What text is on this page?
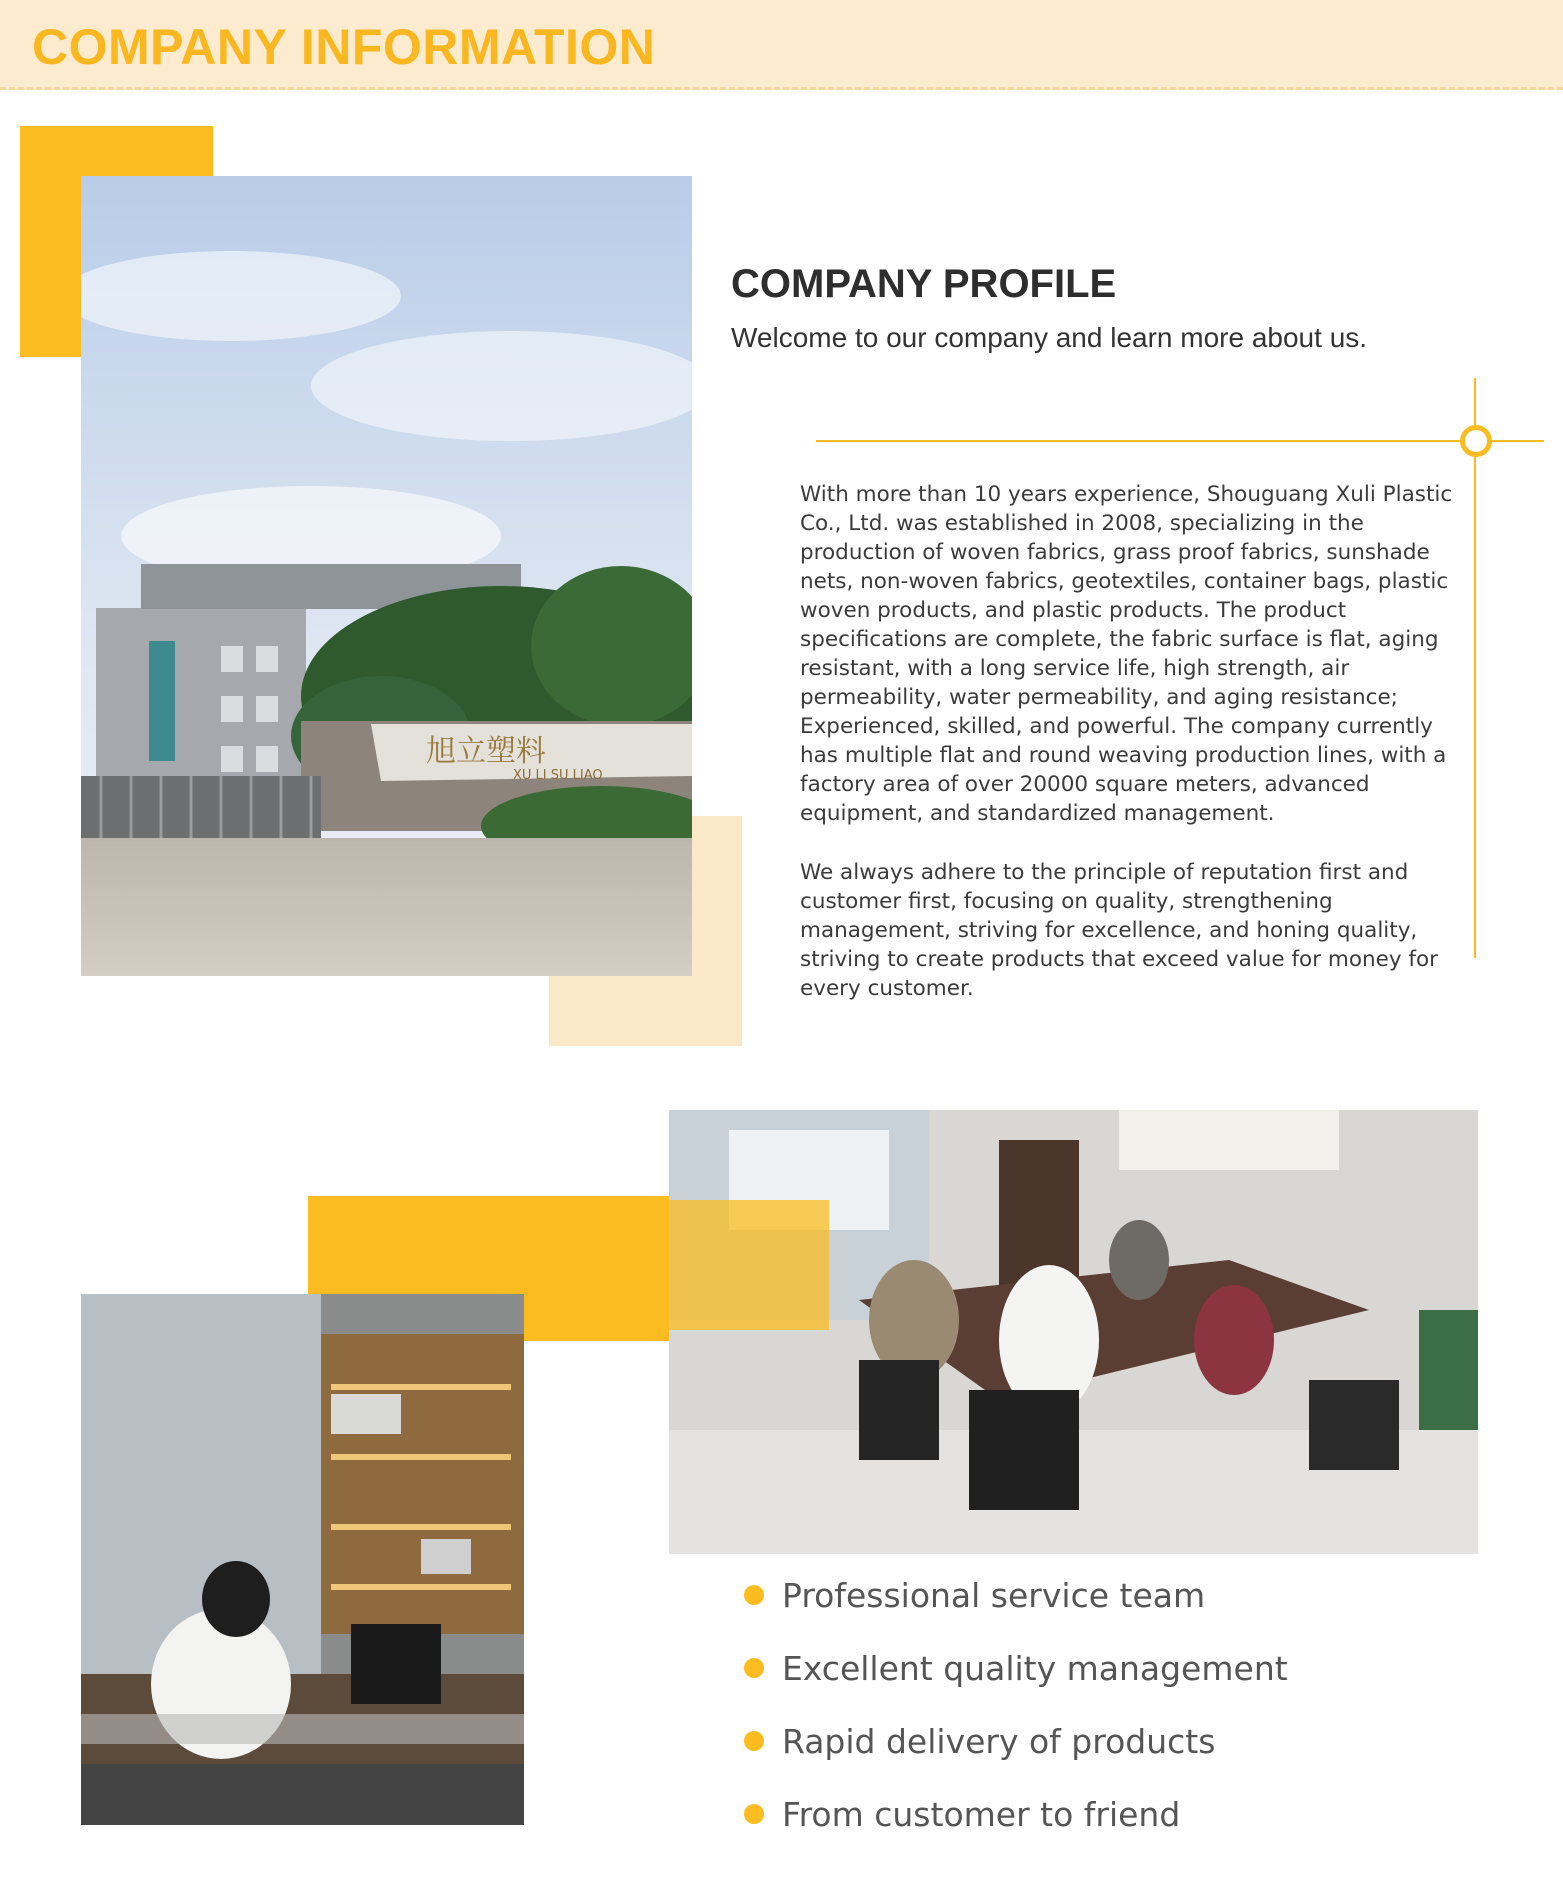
COMPANY INFORMATION
旭立塑料
XU LI SU LIAO
COMPANY PROFILE
Welcome to our company and learn more about us.

With more than 10 years experience, Shouguang Xuli Plastic Co., Ltd. was established in 2008, specializing in the production of woven fabrics, grass proof fabrics, sunshade nets, non-woven fabrics, geotextiles, container bags, plastic woven products, and plastic products. The product specifications are complete, the fabric surface is flat, aging resistant, with a long service life, high strength, air permeability, water permeability, and aging resistance; Experienced, skilled, and powerful. The company currently has multiple flat and round weaving production lines, with a factory area of over 20000 square meters, advanced equipment, and standardized management.

We always adhere to the principle of reputation first and customer first, focusing on quality, strengthening management, striving for excellence, and honing quality, striving to create products that exceed value for money for every customer.

Professional service team
Excellent quality management
Rapid delivery of products
From customer to friend
